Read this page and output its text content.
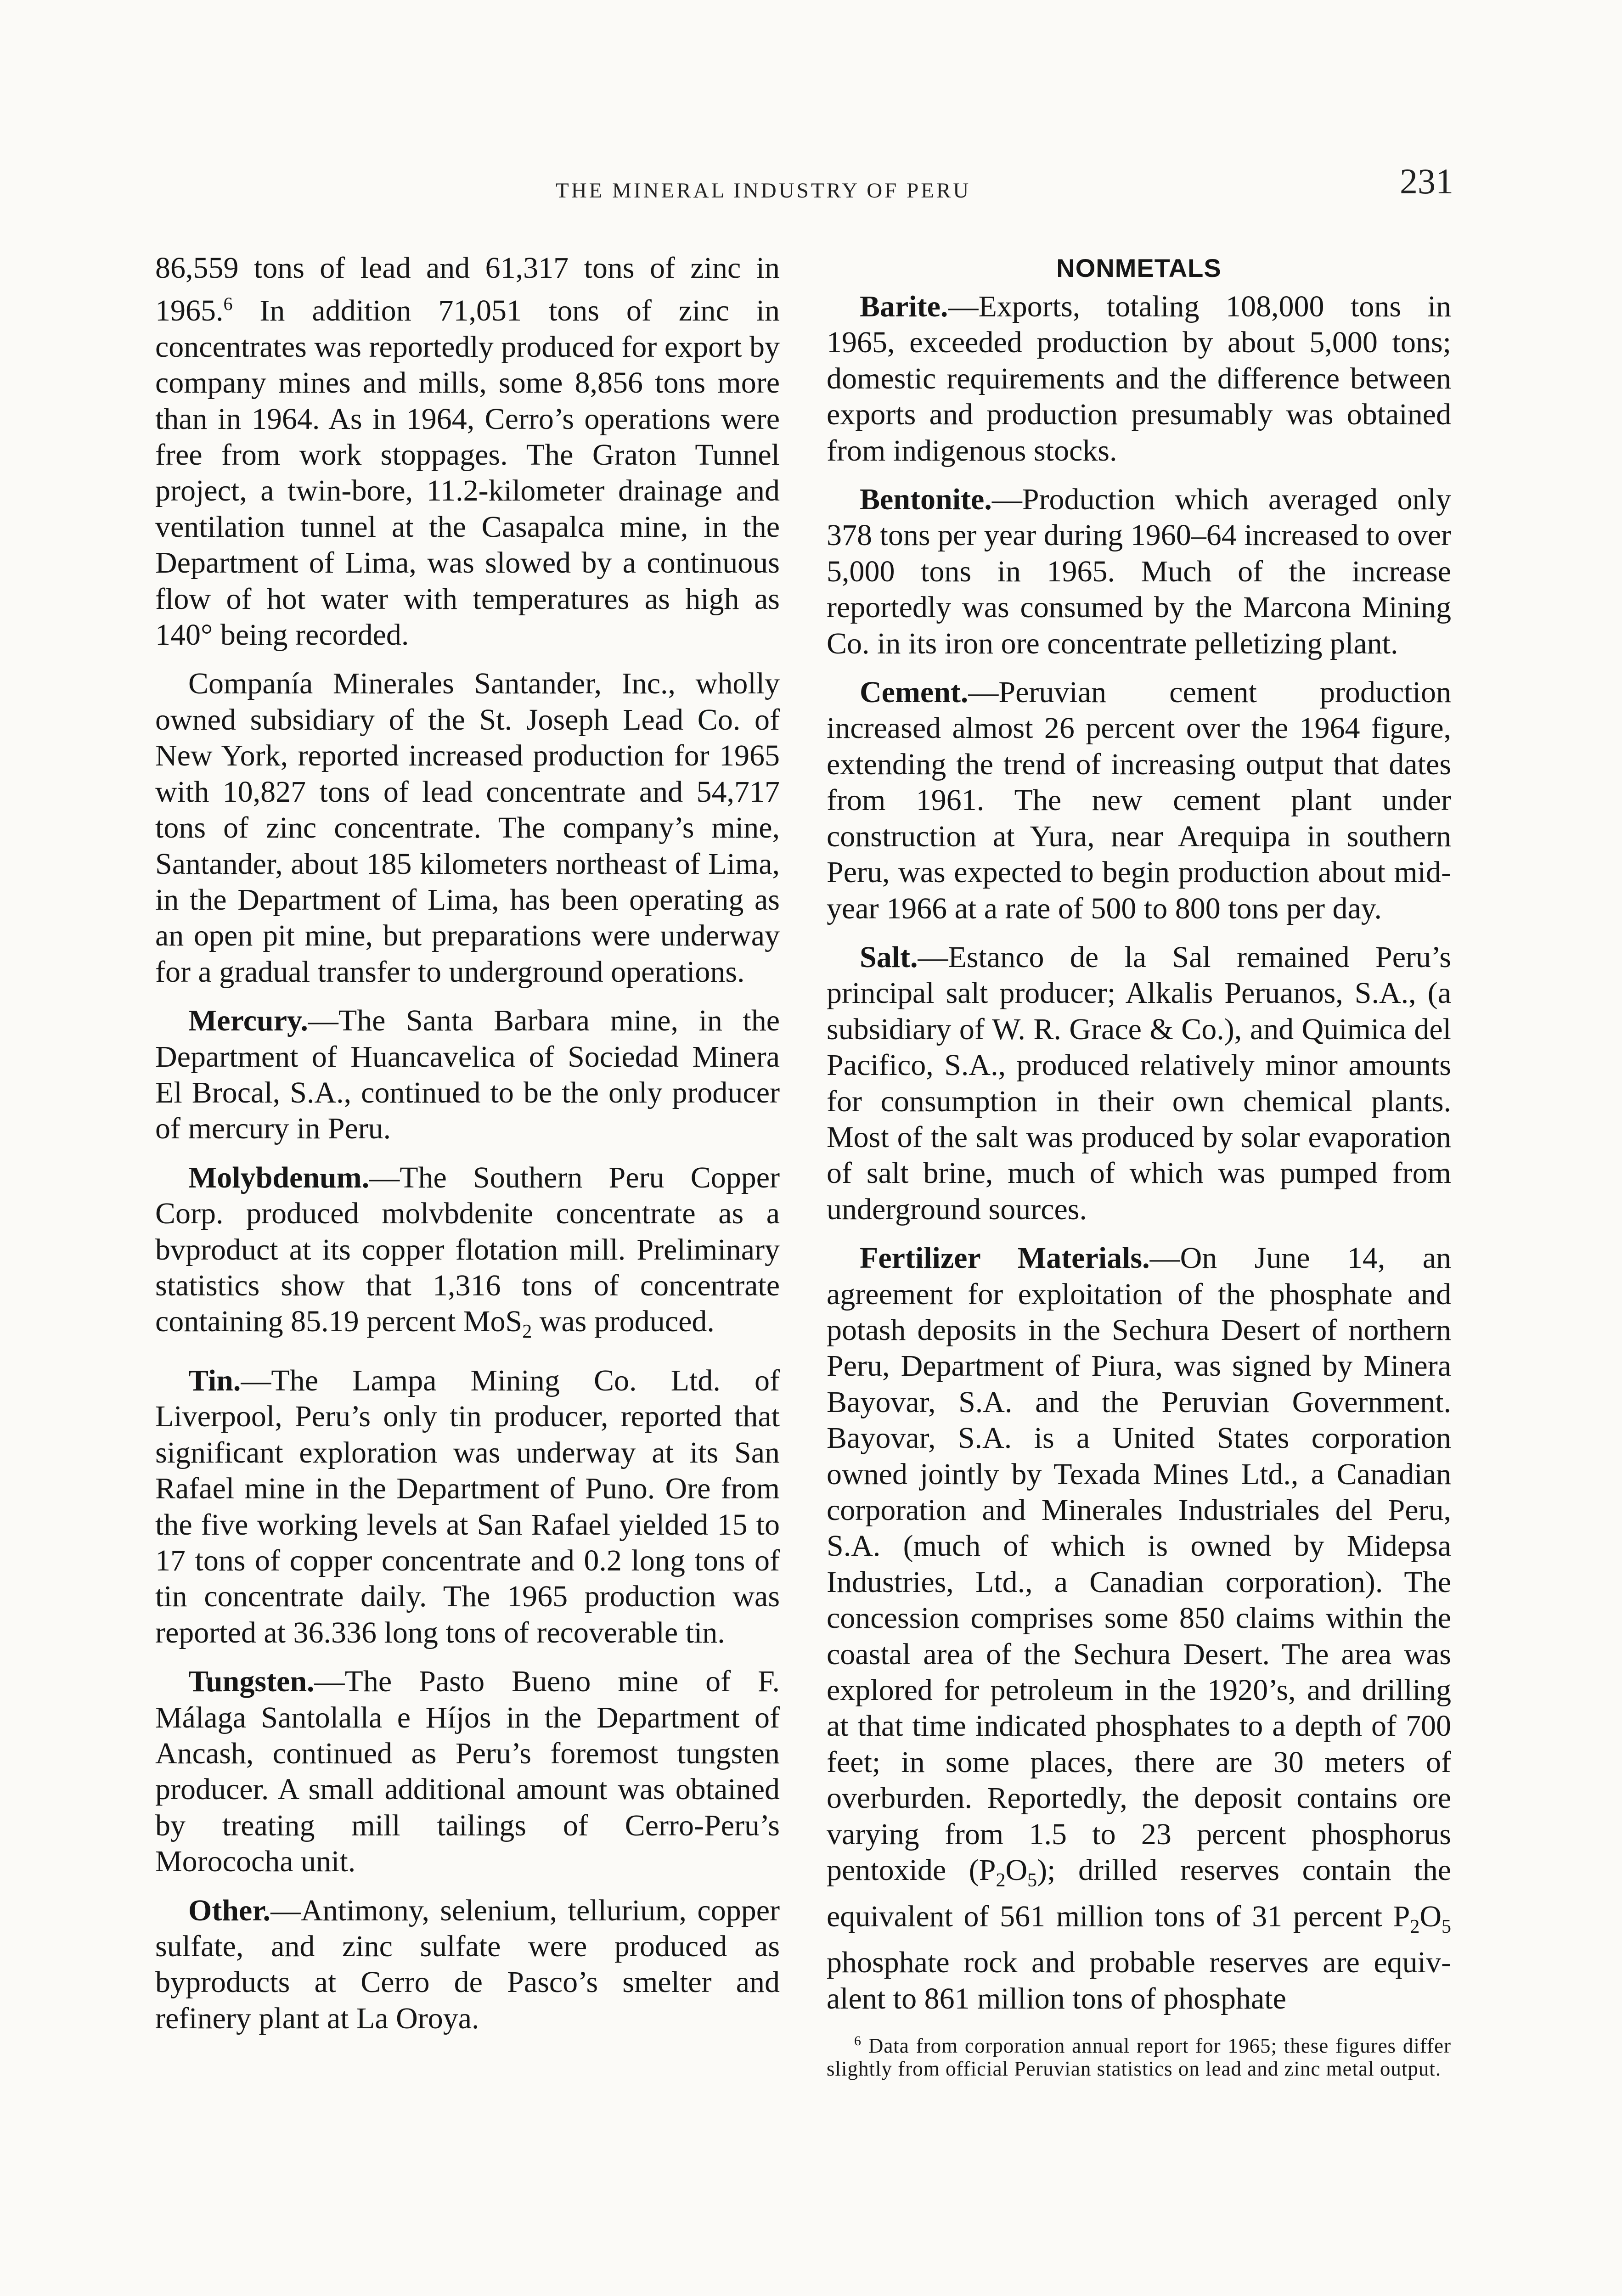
THE MINERAL INDUSTRY OF PERU	231

86,559 tons of lead and 61,317 tons of zinc in 1965.$^6$ In addition 71,051 tons of zinc in concentrates was reportedly produced for export by company mines and mills, some 8,856 tons more than in 1964. As in 1964, Cerro’s operations were free from work stoppages. The Graton Tunnel project, a twin-bore, 11.2-kilometer drainage and ventilation tunnel at the Casapalca mine, in the Department of Lima, was slowed by a continuous flow of hot water with temperatures as high as 140° being recorded.

Companía Minerales Santander, Inc., wholly owned subsidiary of the St. Joseph Lead Co. of New York, reported increased production for 1965 with 10,827 tons of lead concentrate and 54,717 tons of zinc concentrate. The company’s mine, Santander, about 185 kilometers northeast of Lima, in the Department of Lima, has been operating as an open pit mine, but preparations were underway for a gradual transfer to underground operations.

Mercury.—The Santa Barbara mine, in the Department of Huancavelica of Sociedad Minera El Brocal, S.A., continued to be the only producer of mercury in Peru.

Molybdenum.—The Southern Peru Copper Corp. produced molvbdenite concentrate as a bvproduct at its copper flotation mill. Preliminary statistics show that 1,316 tons of concentrate containing 85.19 percent MoS$_2$ was produced.

Tin.—The Lampa Mining Co. Ltd. of Liverpool, Peru’s only tin producer, reported that significant exploration was underway at its San Rafael mine in the Department of Puno. Ore from the five working levels at San Rafael yielded 15 to 17 tons of copper concentrate and 0.2 long tons of tin concentrate daily. The 1965 production was reported at 36.336 long tons of recoverable tin.

Tungsten.—The Pasto Bueno mine of F. Málaga Santolalla e Híjos in the Department of Ancash, continued as Peru’s foremost tungsten producer. A small additional amount was obtained by treating mill tailings of Cerro-Peru’s Morococha unit.

Other.—Antimony, selenium, tellurium, copper sulfate, and zinc sulfate were produced as byproducts at Cerro de Pasco’s smelter and refinery plant at La Oroya.

NONMETALS

Barite.—Exports, totaling 108,000 tons in 1965, exceeded production by about 5,000 tons; domestic requirements and the difference between exports and production presumably was obtained from indigenous stocks.

Bentonite.—Production which averaged only 378 tons per year during 1960–64 increased to over 5,000 tons in 1965. Much of the increase reportedly was consumed by the Marcona Mining Co. in its iron ore concentrate pelletizing plant.

Cement.—Peruvian cement production increased almost 26 percent over the 1964 figure, extending the trend of increasing output that dates from 1961. The new cement plant under construction at Yura, near Arequipa in southern Peru, was expected to begin production about mid-year 1966 at a rate of 500 to 800 tons per day.

Salt.—Estanco de la Sal remained Peru’s principal salt producer; Alkalis Peruanos, S.A., (a subsidiary of W. R. Grace & Co.), and Quimica del Pacifico, S.A., produced relatively minor amounts for consumption in their own chemical plants. Most of the salt was produced by solar evaporation of salt brine, much of which was pumped from underground sources.

Fertilizer Materials.—On June 14, an agreement for exploitation of the phosphate and potash deposits in the Sechura Desert of northern Peru, Department of Piura, was signed by Minera Bayovar, S.A. and the Peruvian Government. Bayovar, S.A. is a United States corporation owned jointly by Texada Mines Ltd., a Canadian corporation and Minerales Industriales del Peru, S.A. (much of which is owned by Midepsa Industries, Ltd., a Canadian corporation). The concession comprises some 850 claims within the coastal area of the Sechura Desert. The area was explored for petroleum in the 1920’s, and drilling at that time indicated phosphates to a depth of 700 feet; in some places, there are 30 meters of overburden. Reportedly, the deposit contains ore varying from 1.5 to 23 percent phosphorus pentoxide $(P_2O_5)$; drilled reserves contain the equivalent of 561 million tons of 31 percent $P_2O_5$ phosphate rock and probable reserves are equivalent to 861 million tons of phosphate

$^6$ Data from corporation annual report for 1965; these figures differ slightly from official Peruvian statistics on lead and zinc metal output.
